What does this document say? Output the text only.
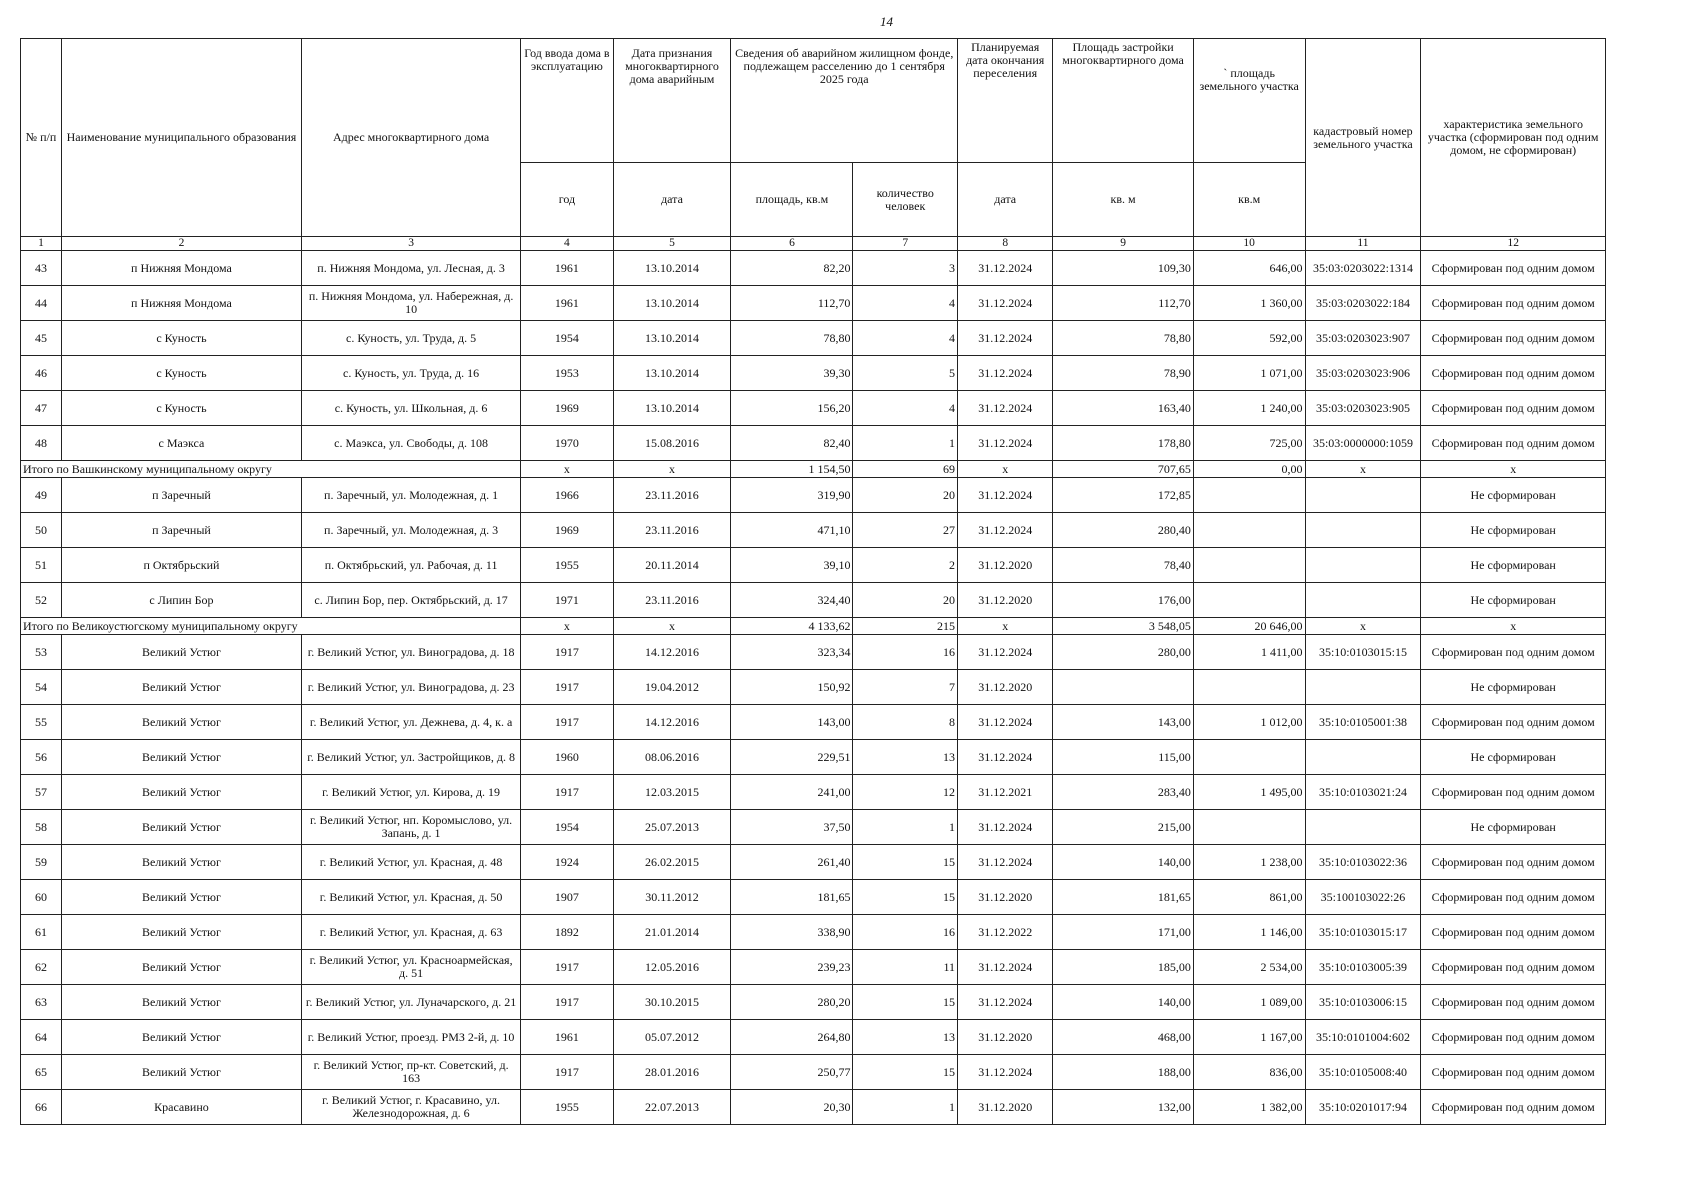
14
№ п/п	Наименование муниципального образования	Адрес многоквартирного дома	Год ввода дома в эксплуатацию	Дата признания многоквартирного дома аварийным	Сведения об аварийном жилищном фонде, подлежащем расселению до 1 сентября 2025 года		Планируемая дата окончания переселения	Площадь застройки многоквартирного дома	` площадь земельного участка	кадастровый номер земельного участка	характеристика земельного участка (сформирован под одним домом, не сформирован)
			год	дата	площадь, кв.м	количество человек	дата	кв. м	кв.м		
1	2	3	4	5	6	7	8	9	10	11	12
43	п Нижняя Мондома	п. Нижняя Мондома, ул. Лесная, д. 3	1961	13.10.2014	82,20	3	31.12.2024	109,30	646,00	35:03:0203022:1314	Сформирован под одним домом
44	п Нижняя Мондома	п. Нижняя Мондома, ул. Набережная, д. 10	1961	13.10.2014	112,70	4	31.12.2024	112,70	1 360,00	35:03:0203022:184	Сформирован под одним домом
45	с Куность	с. Куность, ул. Труда, д. 5	1954	13.10.2014	78,80	4	31.12.2024	78,80	592,00	35:03:0203023:907	Сформирован под одним домом
46	с Куность	с. Куность, ул. Труда, д. 16	1953	13.10.2014	39,30	5	31.12.2024	78,90	1 071,00	35:03:0203023:906	Сформирован под одним домом
47	с Куность	с. Куность, ул. Школьная, д. 6	1969	13.10.2014	156,20	4	31.12.2024	163,40	1 240,00	35:03:0203023:905	Сформирован под одним домом
48	с Маэкса	с. Маэкса, ул. Свободы, д. 108	1970	15.08.2016	82,40	1	31.12.2024	178,80	725,00	35:03:0000000:1059	Сформирован под одним домом
Итого по Вашкинскому муниципальному округу			x	x	1 154,50	69	x	707,65	0,00	x	x
49	п Заречный	п. Заречный, ул. Молодежная, д. 1	1966	23.11.2016	319,90	20	31.12.2024	172,85			Не сформирован
50	п Заречный	п. Заречный, ул. Молодежная, д. 3	1969	23.11.2016	471,10	27	31.12.2024	280,40			Не сформирован
51	п Октябрьский	п. Октябрьский, ул. Рабочая, д. 11	1955	20.11.2014	39,10	2	31.12.2020	78,40			Не сформирован
52	с Липин Бор	с. Липин Бор, пер. Октябрьский, д. 17	1971	23.11.2016	324,40	20	31.12.2020	176,00			Не сформирован
Итого по Великоустюгскому муниципальному округу			x	x	4 133,62	215	x	3 548,05	20 646,00	x	x
53	Великий Устюг	г. Великий Устюг, ул. Виноградова, д. 18	1917	14.12.2016	323,34	16	31.12.2024	280,00	1 411,00	35:10:0103015:15	Сформирован под одним домом
54	Великий Устюг	г. Великий Устюг, ул. Виноградова, д. 23	1917	19.04.2012	150,92	7	31.12.2020				Не сформирован
55	Великий Устюг	г. Великий Устюг, ул. Дежнева, д. 4, к. а	1917	14.12.2016	143,00	8	31.12.2024	143,00	1 012,00	35:10:0105001:38	Сформирован под одним домом
56	Великий Устюг	г. Великий Устюг, ул. Застройщиков, д. 8	1960	08.06.2016	229,51	13	31.12.2024	115,00			Не сформирован
57	Великий Устюг	г. Великий Устюг, ул. Кирова, д. 19	1917	12.03.2015	241,00	12	31.12.2021	283,40	1 495,00	35:10:0103021:24	Сформирован под одним домом
58	Великий Устюг	г. Великий Устюг, нп. Коромыслово, ул. Запань, д. 1	1954	25.07.2013	37,50	1	31.12.2024	215,00			Не сформирован
59	Великий Устюг	г. Великий Устюг, ул. Красная, д. 48	1924	26.02.2015	261,40	15	31.12.2024	140,00	1 238,00	35:10:0103022:36	Сформирован под одним домом
60	Великий Устюг	г. Великий Устюг, ул. Красная, д. 50	1907	30.11.2012	181,65	15	31.12.2020	181,65	861,00	35:100103022:26	Сформирован под одним домом
61	Великий Устюг	г. Великий Устюг, ул. Красная, д. 63	1892	21.01.2014	338,90	16	31.12.2022	171,00	1 146,00	35:10:0103015:17	Сформирован под одним домом
62	Великий Устюг	г. Великий Устюг, ул. Красноармейская, д. 51	1917	12.05.2016	239,23	11	31.12.2024	185,00	2 534,00	35:10:0103005:39	Сформирован под одним домом
63	Великий Устюг	г. Великий Устюг, ул. Луначарского, д. 21	1917	30.10.2015	280,20	15	31.12.2024	140,00	1 089,00	35:10:0103006:15	Сформирован под одним домом
64	Великий Устюг	г. Великий Устюг, проезд. РМЗ 2-й, д. 10	1961	05.07.2012	264,80	13	31.12.2020	468,00	1 167,00	35:10:0101004:602	Сформирован под одним домом
65	Великий Устюг	г. Великий Устюг, пр-кт. Советский, д. 163	1917	28.01.2016	250,77	15	31.12.2024	188,00	836,00	35:10:0105008:40	Сформирован под одним домом
66	Красавино	г. Великий Устюг, г. Красавино, ул. Железнодорожная, д. 6	1955	22.07.2013	20,30	1	31.12.2020	132,00	1 382,00	35:10:0201017:94	Сформирован под одним домом
